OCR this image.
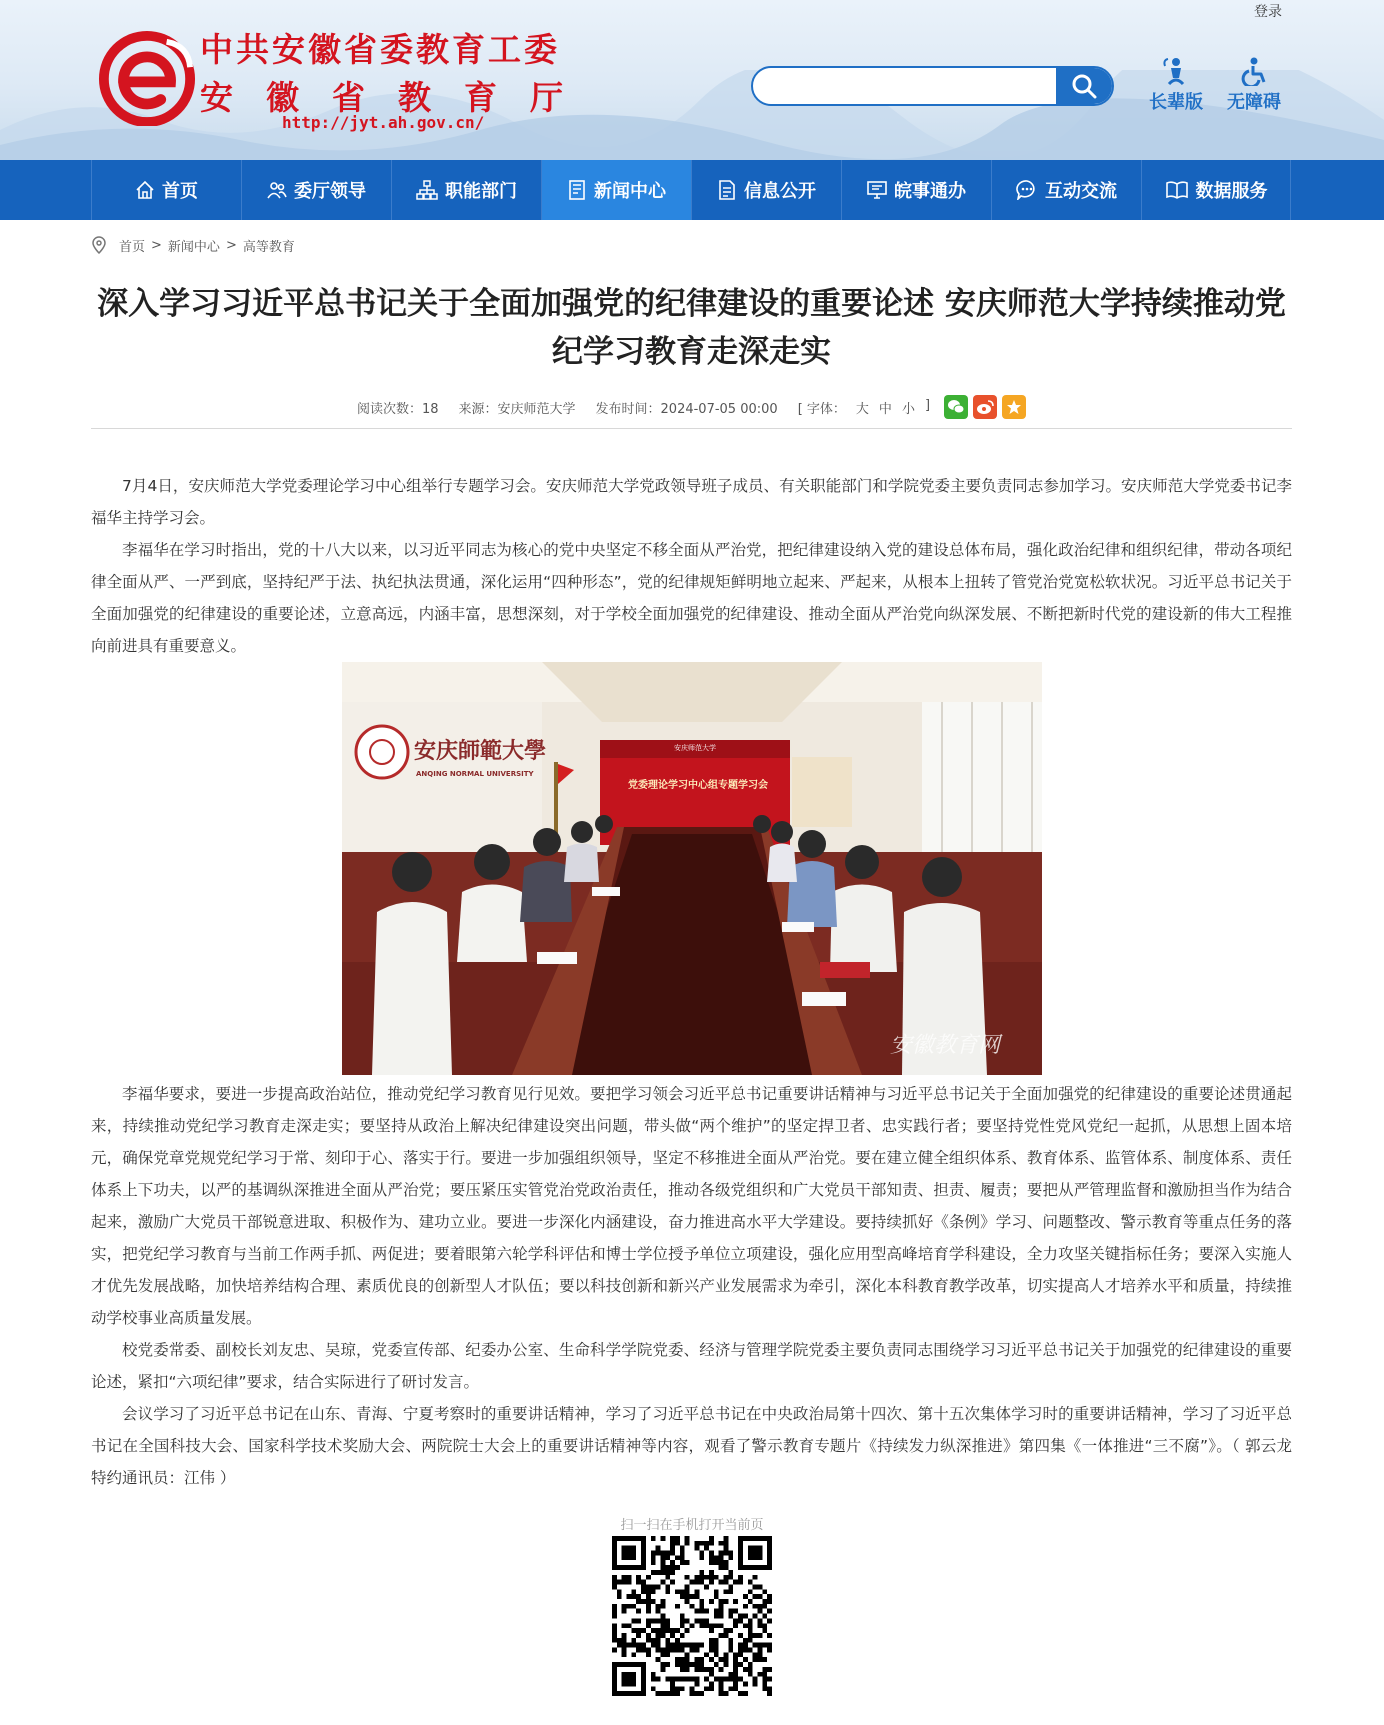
登录
中共安徽省委教育工委
安徽省教育厅
http://jyt.ah.gov.cn/
长辈版	无障碍
首页	委厅领导	职能部门	新闻中心	信息公开	皖事通办	互动交流	数据服务
首页 > 新闻中心 > 高等教育
深入学习习近平总书记关于全面加强党的纪律建设的重要论述 安庆师范大学持续推动党纪学习教育走深走实
阅读次数：18 来源：安庆师范大学 发布时间：2024-07-05 00:00 [ 字体： 大 中 小 ]

7月4日，安庆师范大学党委理论学习中心组举行专题学习会。安庆师范大学党政领导班子成员、有关职能部门和学院党委主要负责同志参加学习。安庆师范大学党委书记李福华主持学习会。

李福华在学习时指出，党的十八大以来，以习近平同志为核心的党中央坚定不移全面从严治党，把纪律建设纳入党的建设总体布局，强化政治纪律和组织纪律，带动各项纪律全面从严、一严到底，坚持纪严于法、执纪执法贯通，深化运用“四种形态”，党的纪律规矩鲜明地立起来、严起来，从根本上扭转了管党治党宽松软状况。习近平总书记关于全面加强党的纪律建设的重要论述，立意高远，内涵丰富，思想深刻，对于学校全面加强党的纪律建设、推动全面从严治党向纵深发展、不断把新时代党的建设新的伟大工程推向前进具有重要意义。

党委理论学习中心组专题学习会
安庆师范大学
安庆師範大學
ANQING NORMAL UNIVERSITY
安徽教育网

李福华要求，要进一步提高政治站位，推动党纪学习教育见行见效。要把学习领会习近平总书记重要讲话精神与习近平总书记关于全面加强党的纪律建设的重要论述贯通起来，持续推动党纪学习教育走深走实；要坚持从政治上解决纪律建设突出问题，带头做“两个维护”的坚定捍卫者、忠实践行者；要坚持党性党风党纪一起抓，从思想上固本培元，确保党章党规党纪学习于常、刻印于心、落实于行。要进一步加强组织领导，坚定不移推进全面从严治党。要在建立健全组织体系、教育体系、监管体系、制度体系、责任体系上下功夫，以严的基调纵深推进全面从严治党；要压紧压实管党治党政治责任，推动各级党组织和广大党员干部知责、担责、履责；要把从严管理监督和激励担当作为结合起来，激励广大党员干部锐意进取、积极作为、建功立业。要进一步深化内涵建设，奋力推进高水平大学建设。要持续抓好《条例》学习、问题整改、警示教育等重点任务的落实，把党纪学习教育与当前工作两手抓、两促进；要着眼第六轮学科评估和博士学位授予单位立项建设，强化应用型高峰培育学科建设，全力攻坚关键指标任务；要深入实施人才优先发展战略，加快培养结构合理、素质优良的创新型人才队伍；要以科技创新和新兴产业发展需求为牵引，深化本科教育教学改革，切实提高人才培养水平和质量，持续推动学校事业高质量发展。

校党委常委、副校长刘友忠、吴琼，党委宣传部、纪委办公室、生命科学学院党委、经济与管理学院党委主要负责同志围绕学习习近平总书记关于加强党的纪律建设的重要论述，紧扣“六项纪律”要求，结合实际进行了研讨发言。

会议学习了习近平总书记在山东、青海、宁夏考察时的重要讲话精神，学习了习近平总书记在中央政治局第十四次、第十五次集体学习时的重要讲话精神，学习了习近平总书记在全国科技大会、国家科学技术奖励大会、两院院士大会上的重要讲话精神等内容，观看了警示教育专题片《持续发力纵深推进》第四集《一体推进“三不腐”》。（ 郭云龙 特约通讯员：江伟 ）

扫一扫在手机打开当前页
